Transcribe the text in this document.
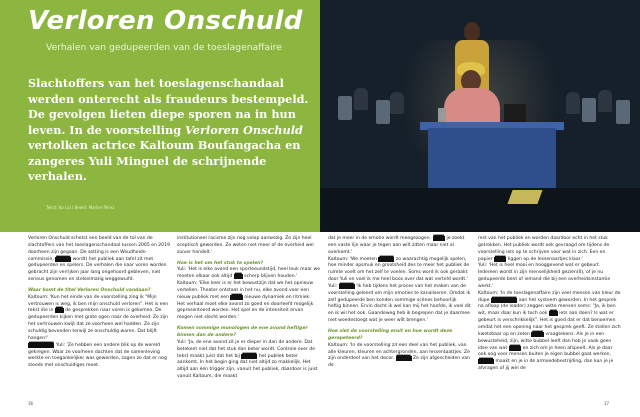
Verloren Onschuld

Verhalen van gedupeerden van de toeslagenaffaire

Slachtoffers van het toeslagenschandaal werden onterecht als fraudeurs bestempeld. De gevolgen lieten diepe sporen na in hun leven. In de voorstelling Verloren Onschuld vertolken actrice Kaltoum Boufangacha en zangeres Yuli Minguel de schrijnende verhalen.

Tekst: Ko Lai / Beeld: Marlen Pérez

Verloren Onschuld schetst een beeld van de tol van de slachtoffers van het toeslagenschandaal tussen 2005 en 2019 doorheen zijn gegaan. De setting is een Woudhoids-commissie, ████ wordt) het publiek aan tafel zit met gedupeerden en spelers. De verhalen die naar voren worden gebracht zijn verrijken jaar lang ongehoord gebleven, niet serieus genomen en stelselmatig weggewuifd.

Waar komt de titel Verloren Onschuld vandaan?

Kaltoum: 'Kun het einde van de voorstelling zing ik "Mijn vertrouwen is weg, ik ben mijn onschuld verloren". Het is een tekst die in ██ de gesprekken naar voren is gekomen. De gedupeerden kijken met grote ogen naar de overheid. Ze zijn het vertrouwen kwijt dat ze voorheen wel hadden. Ze zijn schuldig bevonden terwijl ze onschuldig waren. Dat blijft hangen!'

███████ Yuli: 'Ze hebben een andere blik op de wereld gekregen. Waar ze voorheen dachten dat de samenleving werkte en toegankelijker was geworden, zagen ze dat er nog steeds met onschuldiges moet.

institutioneel racisme zijn nog volop aanwezig. Ze zijn heel sceptisch geworden. Ze weten niet meer of de overheid wel zuiver handelt.'

Hoe is het om het stuk te spelen?

Yuli: 'Het is elke avond een sporteeundstijd, heel leuk maar we moeten elkaar ook altijd ██ scherp blijven houden.'

Kaltoum: 'Elke keer is er het bewustzijn dat we het opnieuw vertellen. Theater ontstaat in het nu, elke avond voor een nieuw publiek met een ███ nieuwe dynamiek en ritmiek. Het verhaal moet elke avond zo goed en doorleefd mogelijk gepresenteerd worden. Het spel en de intensiteit ervan mogen niet slecht worden.'

Komen sommige monologen de ene avond heftiger binnen dan de andere?

Yuli: 'Ja, de ene avond zit je er dieper in dan de andere. Dat betekent niet dat het stuk dan beter wordt. Controle over de tekst maakt juist dat het bij ████ het publiek beter aankomt. In het begin ging dat niet altijd zo makkelijk. Het altijd aan één trigger zijn, vanuit het publiek, daardoor is juist vanuit Kaltoum, die maakt

dat je meer in de emotie wordt meegezogen. ███ je zoekt een vaste lijn waar je tegen aan wilt zitten maar niet al overkomt.'

Kaltoum: 'We moeten ████ zo waarachtig mogelijk spelen, hoe minder opsmuk en grootsheid des te meer het publiek de ruimte voelt om het zelf te voelen. Soms word ik ook geraakt door Yuli en voel ik me heel boos over dat wat verteld wordt.'

Yuli: ████ 'Ik heb tijdens het proces van het maken van de voorstelling geleerd om mijn emoties te kanaliseren. Omdat ik zelf gedupeerde ben konden sommige scènes behoorlijk heftig binnen. Ervin dacht ik wel kan mij het hoofde, ik voel dit en ik wil het ook. Gaandeweg heb ik begrepen dat je daarmee niet woedestoegt wat je weer wilt brengen.'

Hoe ziet de voorstelling eruit en hoe wordt deze gerepeteerd?

Kaltoum: 'In de voorstelling zit een deel van het publiek, van alle kleuren, kleuren en achtergronden, aan lessentaattjes. Ze zijn onderdeel van het decor. ████ Ze zijn afgescheiden van de

rest van het publiek en worden daardoor echt in het stuk getrokken. Het publiek wordt ook gevraagd om tijdens de voorstelling iets op te schrijven voor wat in zich. Een en papier ███ liggen op de lessenaartjes klaar.'

Yuli: 'Het is heel mooi en hooggevend wat er gebeurt. Iedereen wordt in zijn menselijkheid gezien(ß), of je nu gedupeerde bent of iemand die bij een overheidsinstantie werkt.'

Kaltoum: 'In de toeslagenaffaire zijn veel mensen van kleur de dupe ███████ aan het systeem geworden. In het gesprek na afloop (de leader) zeggen witte mensen soms: "Ja, ik ben wit, maar daar kun ik toch ook ██ iets aan doen? Is wat er gebeurt is verschrikkelijk". Het is goed dat er dat benoemen omdat het een opening naar het gesprek geeft. Ze stellen zich kwetsbaar op en zeten ███ vraagtekens. Als je in een bewusteheid, zijn, witte bubbel leeft dan heb je vaak geen idee van wat ███ en zich om je heen afspeelt. Als je daar ook oog voor mensen buiten je eigen bubbel gaat werken, ████ maakt en je in de armoedebestrijding, dan kun je je afvragen of jij wel de

36	37
